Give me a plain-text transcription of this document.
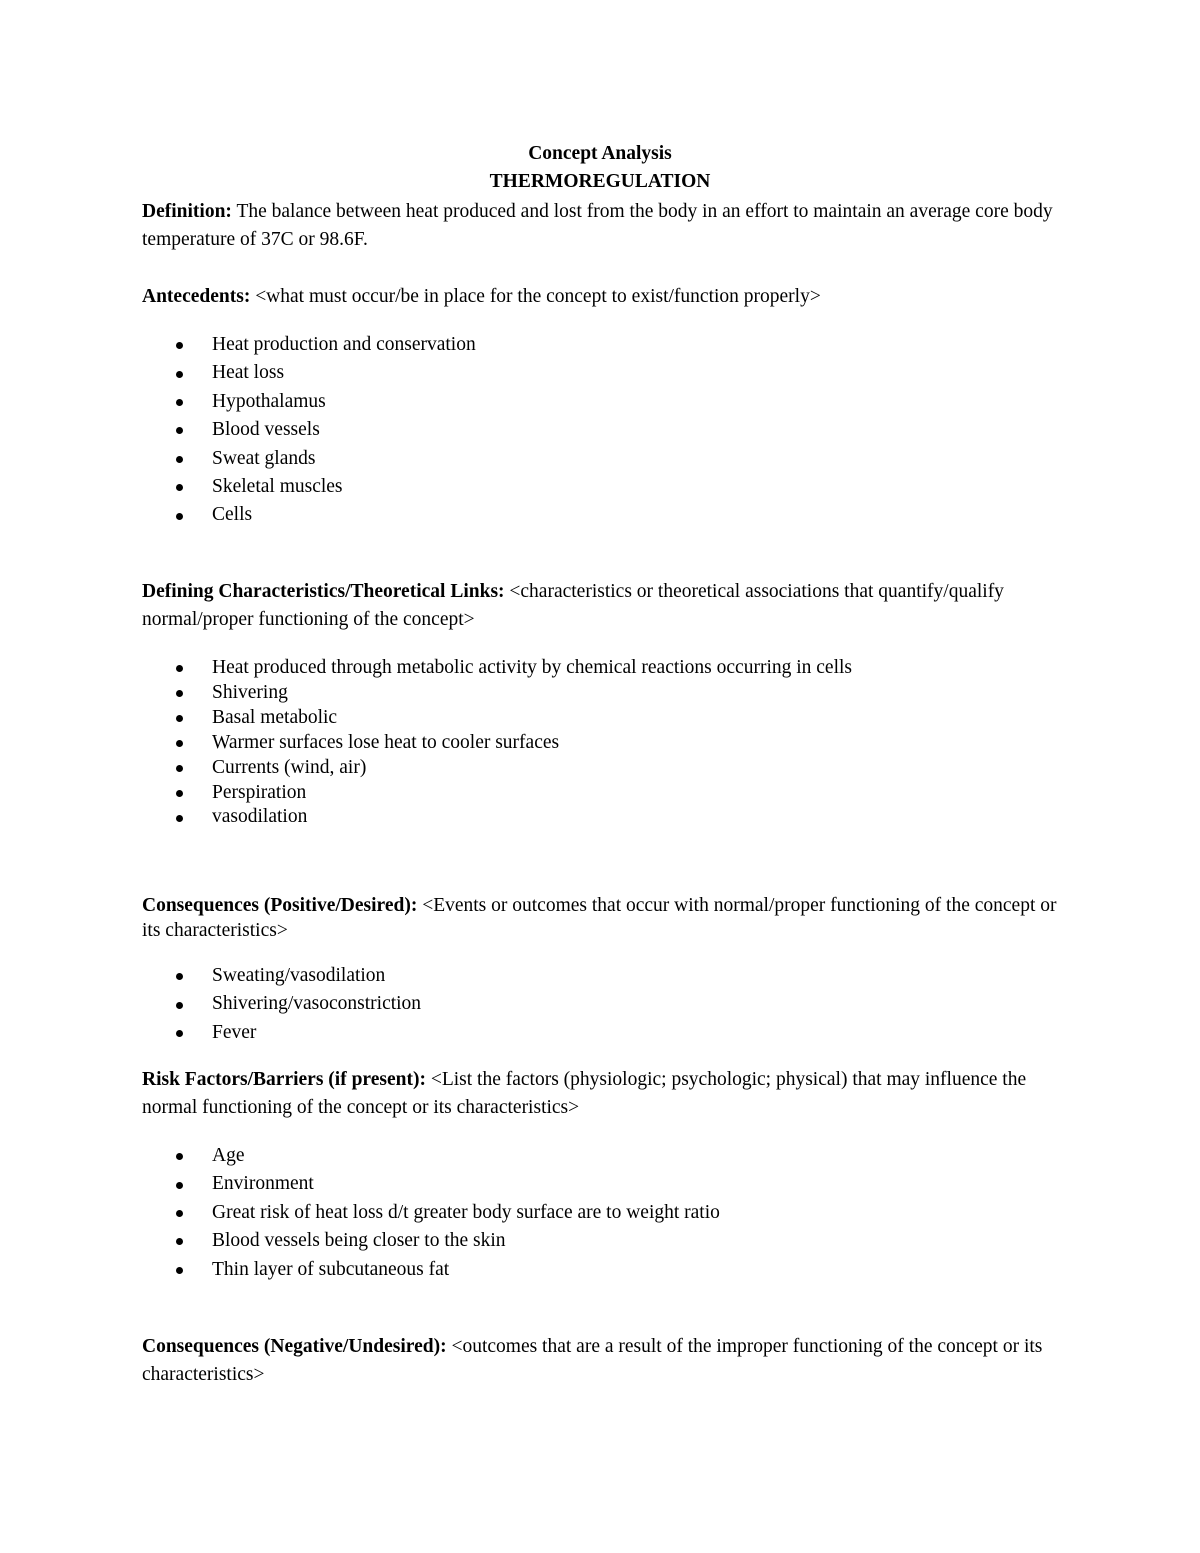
Concept Analysis
THERMOREGULATION

Definition: The balance between heat produced and lost from the body in an effort to maintain an average core body temperature of 37C or 98.6F.

Antecedents: <what must occur/be in place for the concept to exist/function properly>

Heat production and conservation
Heat loss
Hypothalamus
Blood vessels
Sweat glands
Skeletal muscles
Cells

Defining Characteristics/Theoretical Links: <characteristics or theoretical associations that quantify/qualify normal/proper functioning of the concept>

Heat produced through metabolic activity by chemical reactions occurring in cells
Shivering
Basal metabolic
Warmer surfaces lose heat to cooler surfaces
Currents (wind, air)
Perspiration
vasodilation

Consequences (Positive/Desired): <Events or outcomes that occur with normal/proper functioning of the concept or its characteristics>

Sweating/vasodilation
Shivering/vasoconstriction
Fever

Risk Factors/Barriers (if present): <List the factors (physiologic; psychologic; physical) that may influence the normal functioning of the concept or its characteristics>

Age
Environment
Great risk of heat loss d/t greater body surface are to weight ratio
Blood vessels being closer to the skin
Thin layer of subcutaneous fat

Consequences (Negative/Undesired): <outcomes that are a result of the improper functioning of the concept or its characteristics>
